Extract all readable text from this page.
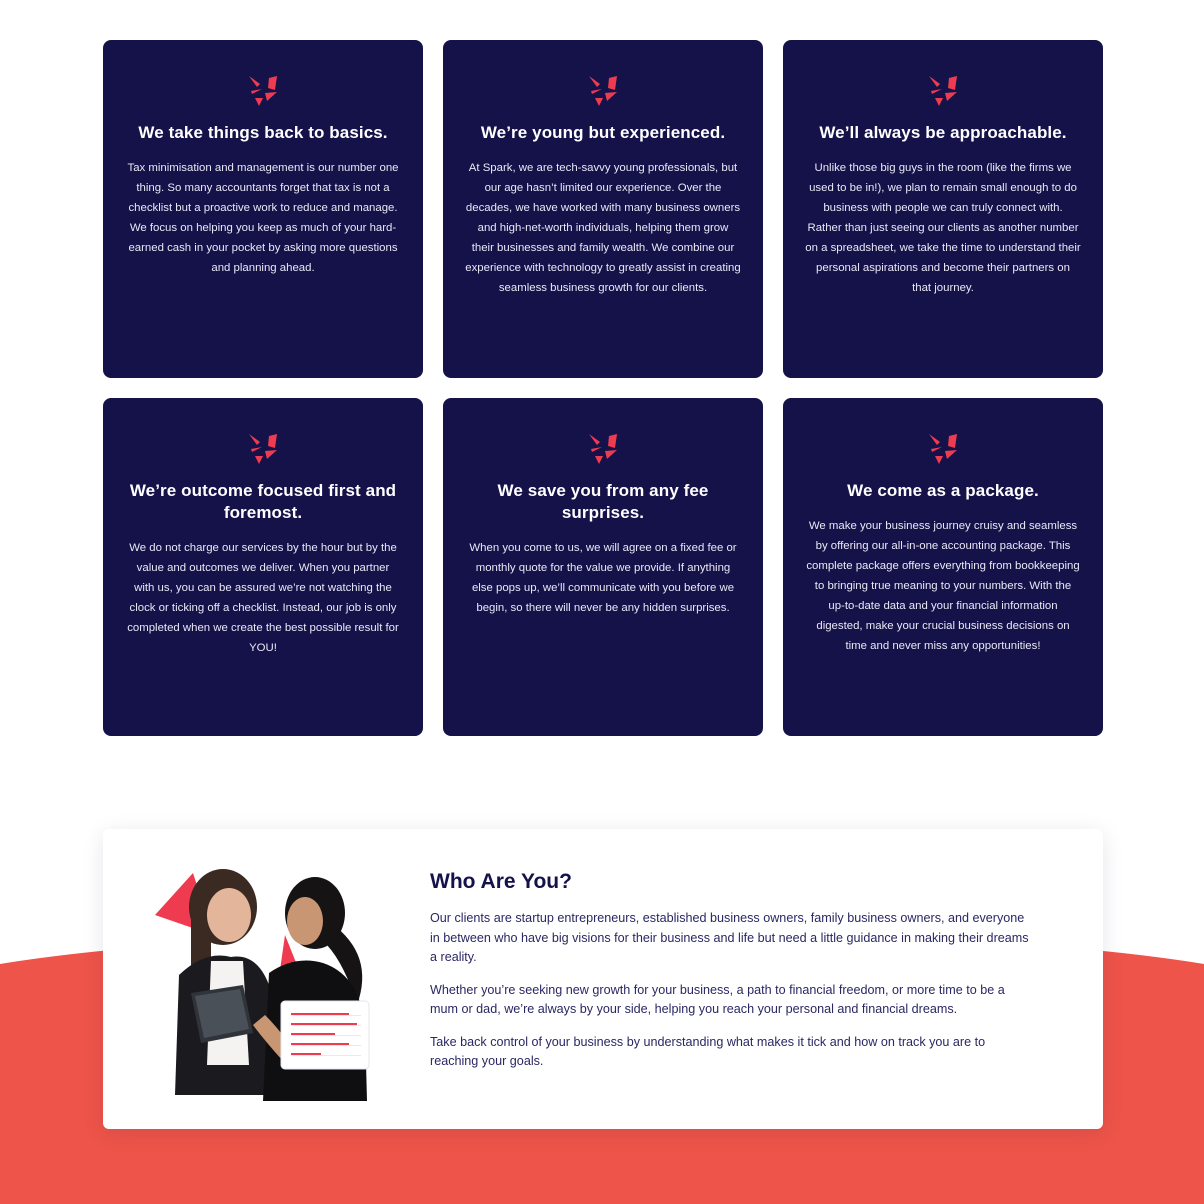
We take things back to basics.
Tax minimisation and management is our number one thing. So many accountants forget that tax is not a checklist but a proactive work to reduce and manage. We focus on helping you keep as much of your hard-earned cash in your pocket by asking more questions and planning ahead.
We’re young but experienced.
At Spark, we are tech-savvy young professionals, but our age hasn’t limited our experience. Over the decades, we have worked with many business owners and high-net-worth individuals, helping them grow their businesses and family wealth. We combine our experience with technology to greatly assist in creating seamless business growth for our clients.
We’ll always be approachable.
Unlike those big guys in the room (like the firms we used to be in!), we plan to remain small enough to do business with people we can truly connect with. Rather than just seeing our clients as another number on a spreadsheet, we take the time to understand their personal aspirations and become their partners on that journey.
We’re outcome focused first and foremost.
We do not charge our services by the hour but by the value and outcomes we deliver. When you partner with us, you can be assured we’re not watching the clock or ticking off a checklist. Instead, our job is only completed when we create the best possible result for YOU!
We save you from any fee surprises.
When you come to us, we will agree on a fixed fee or monthly quote for the value we provide. If anything else pops up, we’ll communicate with you before we begin, so there will never be any hidden surprises.
We come as a package.
We make your business journey cruisy and seamless by offering our all-in-one accounting package. This complete package offers everything from bookkeeping to bringing true meaning to your numbers. With the up-to-date data and your financial information digested, make your crucial business decisions on time and never miss any opportunities!
Who Are You?

Our clients are startup entrepreneurs, established business owners, family business owners, and everyone in between who have big visions for their business and life but need a little guidance in making their dreams a reality.

Whether you’re seeking new growth for your business, a path to financial freedom, or more time to be a mum or dad, we’re always by your side, helping you reach your personal and financial dreams.

Take back control of your business by understanding what makes it tick and how on track you are to reaching your goals.
